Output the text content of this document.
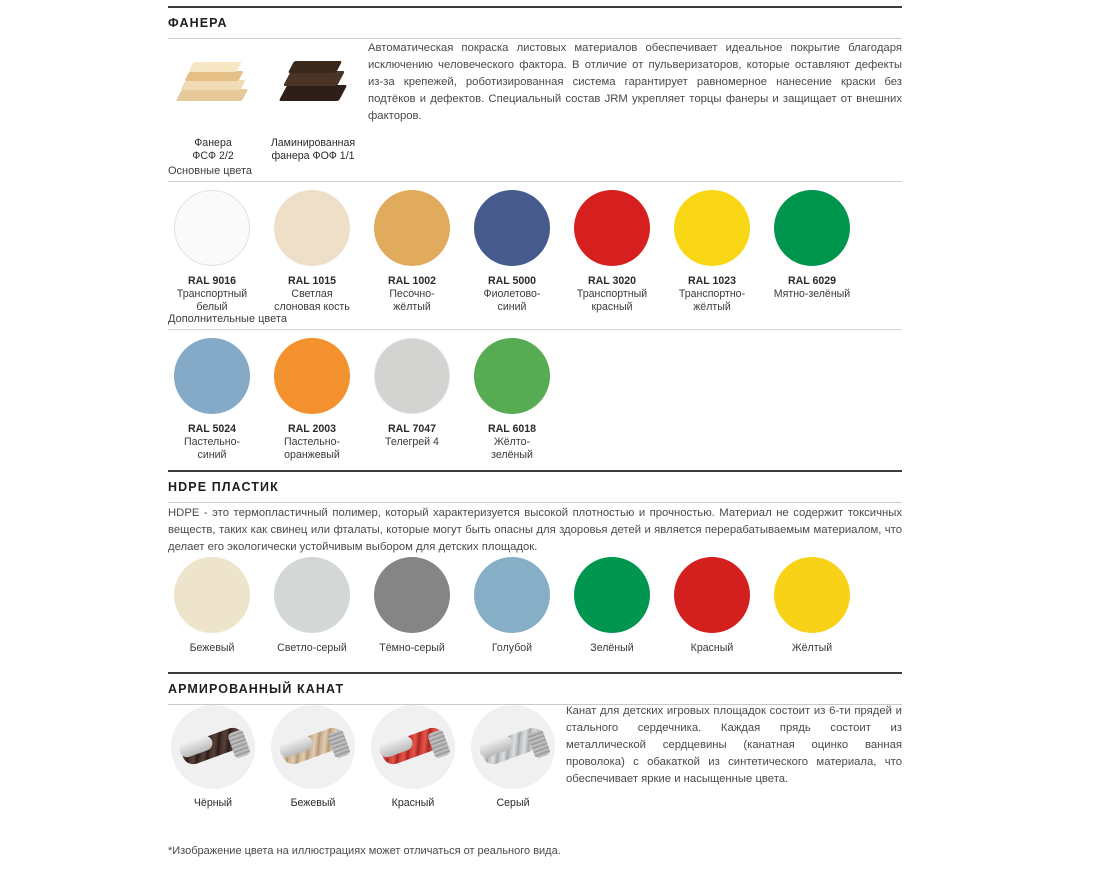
ФАНЕРА
Автоматическая покраска листовых материалов обеспечивает идеальное покрытие благодаря исключению человеческого фактора. В отличие от пульверизаторов, которые оставляют дефекты из-за крепежей, роботизированная система гарантирует равномерное нанесение краски без подтёков и дефектов. Специальный состав JRM укрепляет торцы фанеры и защищает от внешних факторов.
Фанера
ФСФ 2/2
Ламинированная
фанера ФОФ 1/1
Основные цвета
RAL 9016
Транспортный
белый
RAL 1015
Светлая
слоновая кость
RAL 1002
Песочно-
жёлтый
RAL 5000
Фиолетово-
синий
RAL 3020
Транспортный
красный
RAL 1023
Транспортно-
жёлтый
RAL 6029
Мятно-зелёный
Дополнительные цвета
RAL 5024
Пастельно-
синий
RAL 2003
Пастельно-
оранжевый
RAL 7047
Телегрей 4
RAL 6018
Жёлто-
зелёный
HDPE ПЛАСТИК
HDPE - это термопластичный полимер, который характеризуется высокой плотностью и прочностью. Материал не содержит токсичных веществ, таких как свинец или фталаты, которые могут быть опасны для здоровья детей и является перерабатываемым материалом, что делает его экологически устойчивым выбором для детских площадок.
Бежевый	Светло-серый	Тёмно-серый	Голубой	Зелёный	Красный	Жёлтый
АРМИРОВАННЫЙ КАНАТ
Канат для детских игровых площадок состоит из 6-ти прядей и стального сердечника. Каждая прядь состоит из металлической сердцевины (канатная оцинко ванная проволока) с обакаткой из синтетического материала, что обеспечивает яркие и насыщенные цвета.
Чёрный	Бежевый	Красный	Серый
*Изображение цвета на иллюстрациях может отличаться от реального вида.
